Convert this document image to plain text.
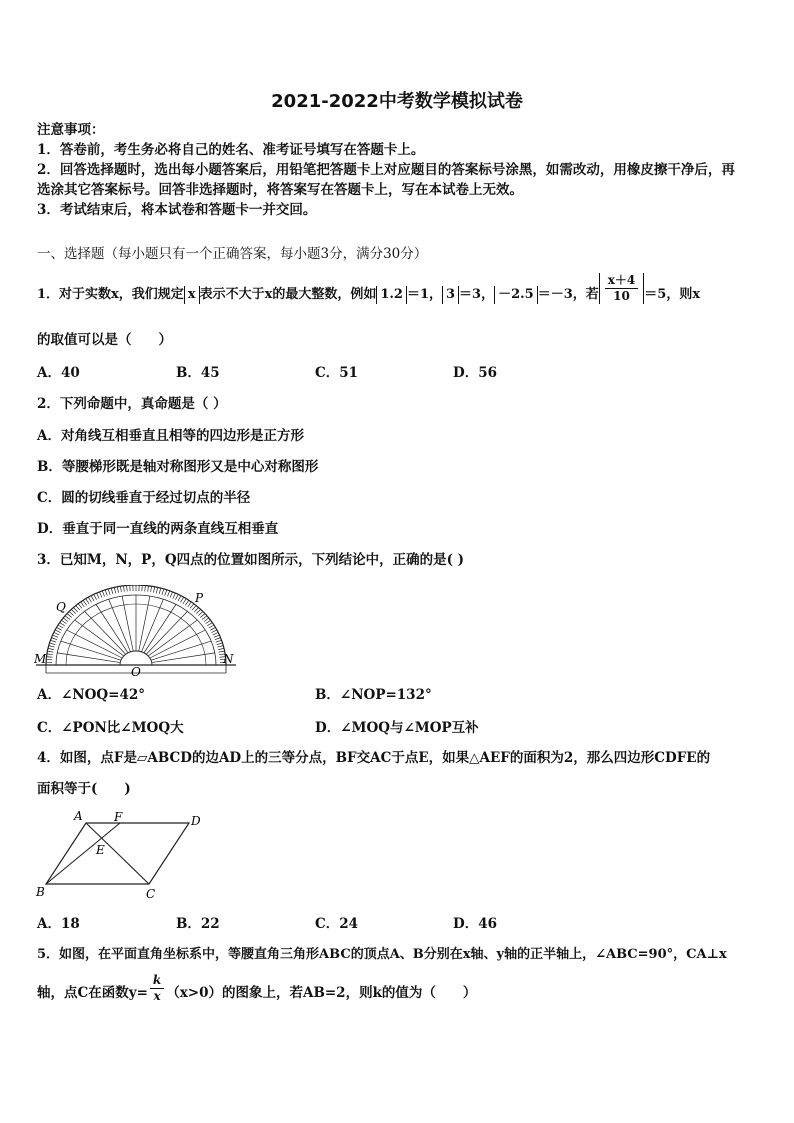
2021-2022中考数学模拟试卷
注意事项：
1．答卷前，考生务必将自己的姓名、准考证号填写在答题卡上。
2．回答选择题时，选出每小题答案后，用铅笔把答题卡上对应题目的答案标号涂黑，如需改动，用橡皮擦干净后，再
选涂其它答案标号。回答非选择题时，将答案写在答题卡上，写在本试卷上无效。
3．考试结束后，将本试卷和答题卡一并交回。
一、选择题（每小题只有一个正确答案，每小题3分，满分30分）
1．对于实数x，我们规定 x 表示不大于x的最大整数，例如 1.2 ＝1， 3 ＝3， －2.5 ＝－3，若 $\frac{x+4}{10} =5$，则x
的取值可以是（　　）
A．40	B．45	C．51	D．56
2．下列命题中，真命题是（ ）
A．对角线互相垂直且相等的四边形是正方形
B．等腰梯形既是轴对称图形又是中心对称图形
C．圆的切线垂直于经过切点的半径
D．垂直于同一直线的两条直线互相垂直
3．已知M，N，P，Q四点的位置如图所示，下列结论中，正确的是( )
Q
P
M	N
O
A．∠NOQ=42°	B．∠NOP=132°
C．∠PON比∠MOQ大	D．∠MOQ与∠MOP互补
4．如图，点F是▱ABCD的边AD上的三等分点，BF交AC于点E，如果△AEF的面积为2，那么四边形CDFE的
面积等于(　　)
A	F	D
E
B	C
A．18	B．22	C．24	D．46
5．如图，在平面直角坐标系中，等腰直角三角形ABC的顶点A、B分别在x轴、y轴的正半轴上，∠ABC=90°，CA⊥x
轴，点C在函数$y= \frac{k}{x} (x>0)$的图象上，若AB=2，则k的值为（　　）
